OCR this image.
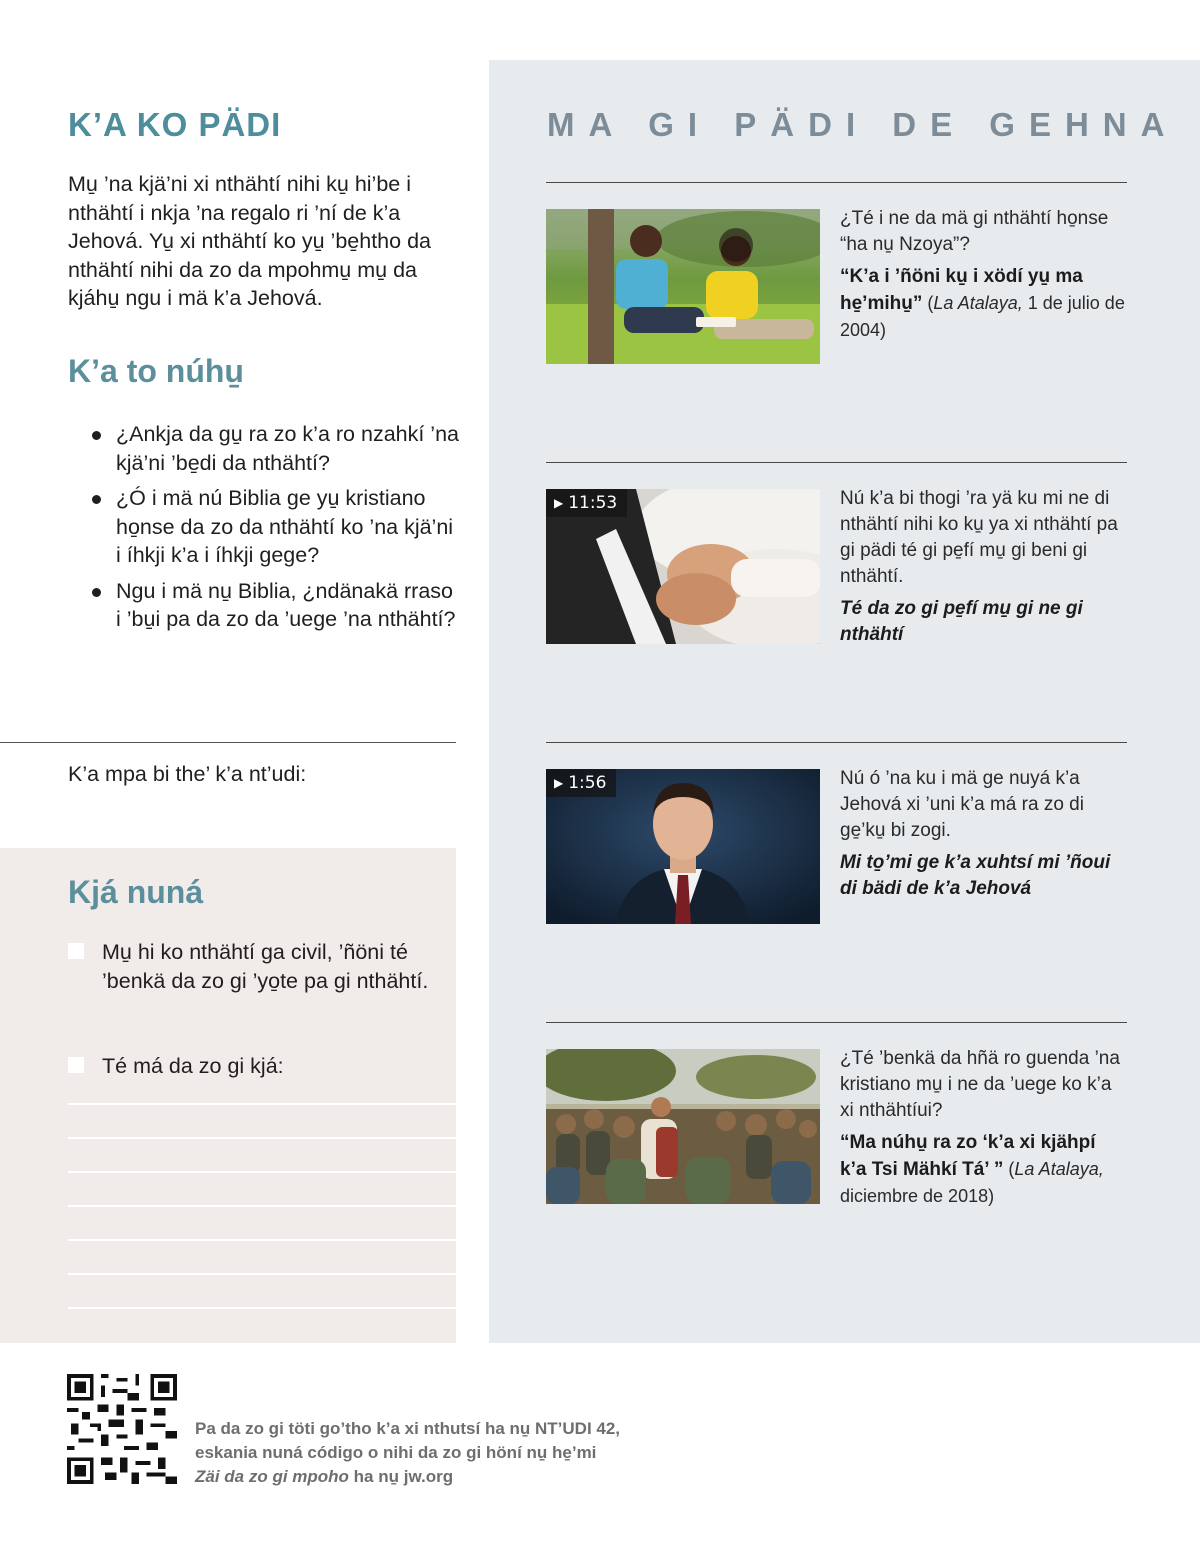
K’A KO PÄDI

Mu̱ ’na kjä’ni xi nthähtí nihi ku̱ hi’be i nthähtí i nkja ’na regalo ri ’ní de k’a Jehová. Yu̱ xi nthähtí ko yu̱ ’be̱htho da nthähtí nihi da zo da mpohmu̱ mu̱ da kjáhu̱ ngu i mä k’a Jehová.

K’a to núhu̱
¿Ankja da gu̱ ra zo k’a ro nzahkí ’na kjä’ni ’be̱di da nthähtí?
¿Ó i mä nú Biblia ge yu̱ kristiano ho̱nse da zo da nthähtí ko ’na kjä’ni i íhkji k’a i íhkji gege?
Ngu i mä nu̱ Biblia, ¿ndänakä rraso i ’bu̱i pa da zo da ’uege ’na nthähtí?

K’a mpa bi the’ k’a nt’udi:

Kjá nuná
Mu̱ hi ko nthähtí ga civil, ’ñöni té ’benkä da zo gi ’yo̱te pa gi nthähtí.
Té má da zo gi kjá:
MA GI PÄDI DE GEHNA

¿Té i ne da mä gi nthähtí ho̱nse “ha nu̱ Nzoya”?

“K’a i ’ñöni ku̱ i xödí yu̱ ma he̱’mihu̱” (La Atalaya, 1 de julio de 2004)

▶ 11:53	Nú k’a bi thogi ’ra yä ku mi ne di nthähtí nihi ko ku̱ ya xi nthähtí pa gi pädi té gi pe̱fí mu̱ gi beni gi nthähtí.

Té da zo gi pe̱fí mu̱ gi ne gi nthähtí

▶ 1:56	Nú ó ’na ku i mä ge nuyá k’a Jehová xi ’uni k’a má ra zo di ge̱’ku̱ bi zogi.

Mi to̱’mi ge k’a xuhtsí mi ’ñoui di bädi de k’a Jehová

¿Té ’benkä da hñä ro guenda ’na kristiano mu̱ i ne da ’uege ko k’a xi nthähtíui?

“Ma núhu̱ ra zo ‘k’a xi kjähpí k’a Tsi Mähkí Tá’ ” (La Atalaya, diciembre de 2018)

Pa da zo gi töti go’tho k’a xi nthutsí ha nu̱ NT’UDI 42,
eskania nuná código o nihi da zo gi höní nu̱ he̱’mi
Zäi da zo gi mpoho ha nu̱ jw.org
